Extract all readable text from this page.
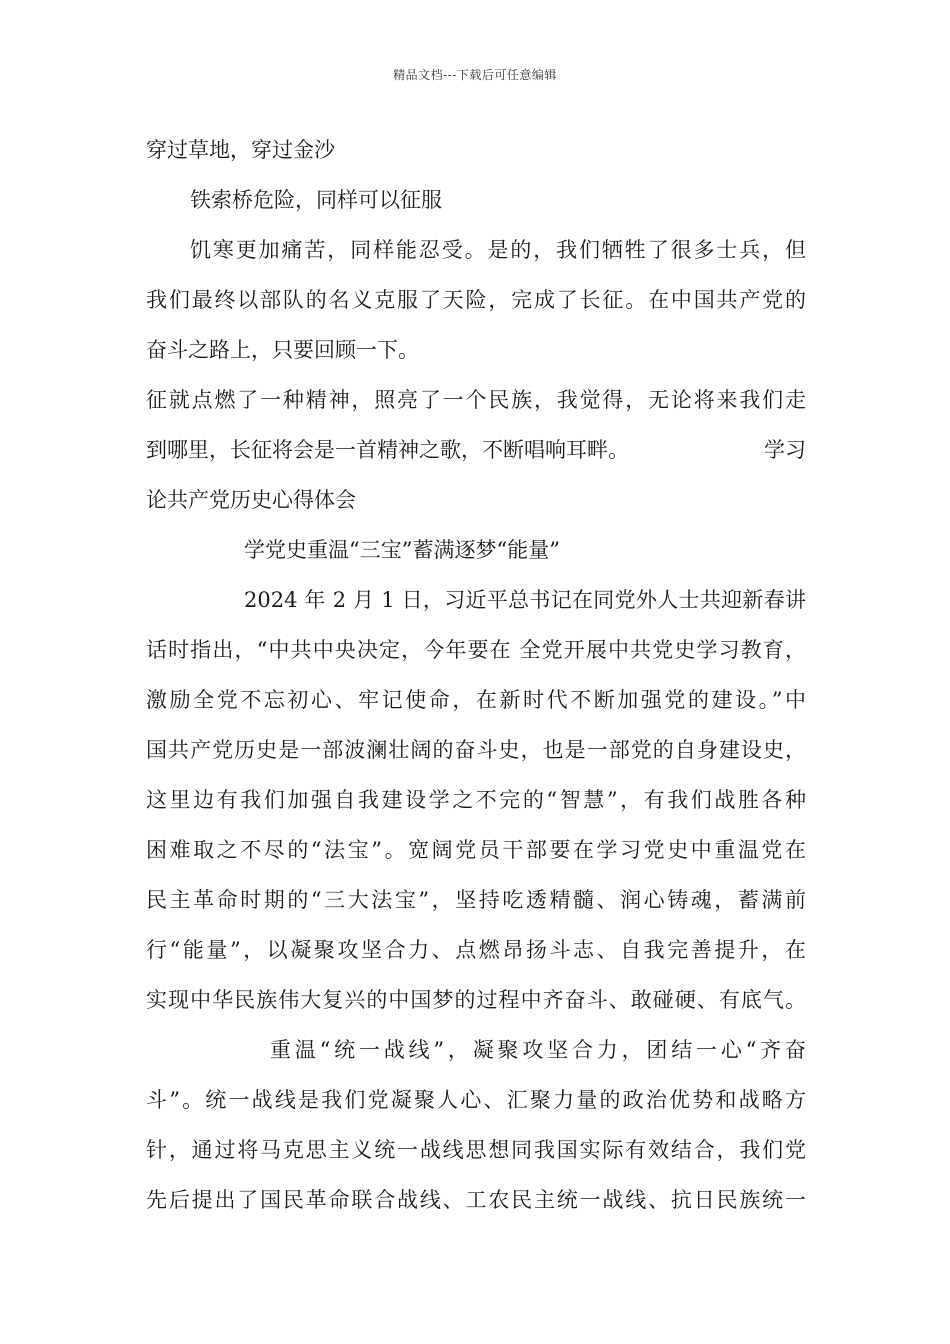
精品文档---下载后可任意编辑
穿过草地，穿过金沙
铁索桥危险，同样可以征服
饥寒更加痛苦，同样能忍受。是的，我们牺牲了很多士兵，但
我们最终以部队的名义克服了天险，完成了长征。在中国共产党的
奋斗之路上，只要回顾一下。
征就点燃了一种精神，照亮了一个民族，我觉得，无论将来我们走
到哪里，长征将会是一首精神之歌，不断唱响耳畔。	学习
论共产党历史心得体会
学党史重温“三宝”蓄满逐梦“能量”
2024 年 2 月 1 日，习近平总书记在同党外人士共迎新春讲
话时指出，“中共中央决定，今年要在 全党开展中共党史学习教育，
激励全党不忘初心、牢记使命，在新时代不断加强党的建设。”中
国共产党历史是一部波澜壮阔的奋斗史，也是一部党的自身建设史，
这里边有我们加强自我建设学之不完的“智慧”，有我们战胜各种
困难取之不尽的“法宝”。宽阔党员干部要在学习党史中重温党在
民主革命时期的“三大法宝”，坚持吃透精髓、润心铸魂，蓄满前
行“能量”，以凝聚攻坚合力、点燃昂扬斗志、自我完善提升，在
实现中华民族伟大复兴的中国梦的过程中齐奋斗、敢碰硬、有底气。
重温“统一战线”，凝聚攻坚合力，团结一心“齐奋
斗”。统一战线是我们党凝聚人心、汇聚力量的政治优势和战略方
针，通过将马克思主义统一战线思想同我国实际有效结合，我们党
先后提出了国民革命联合战线、工农民主统一战线、抗日民族统一
